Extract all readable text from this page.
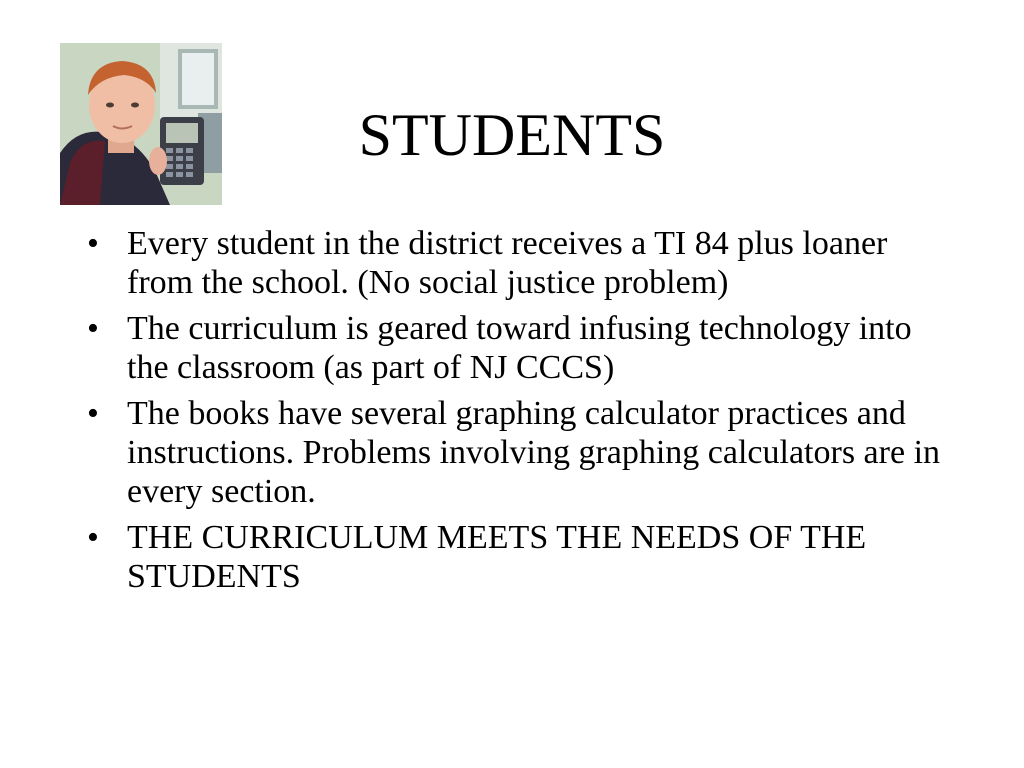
STUDENTS
• Every student in the district receives a TI 84 plus loaner from the school. (No social justice problem)
• The curriculum is geared toward infusing technology into the classroom (as part of NJ CCCS)
• The books have several graphing calculator practices and instructions. Problems involving graphing calculators are in every section.
• THE CURRICULUM MEETS THE NEEDS OF THE STUDENTS
